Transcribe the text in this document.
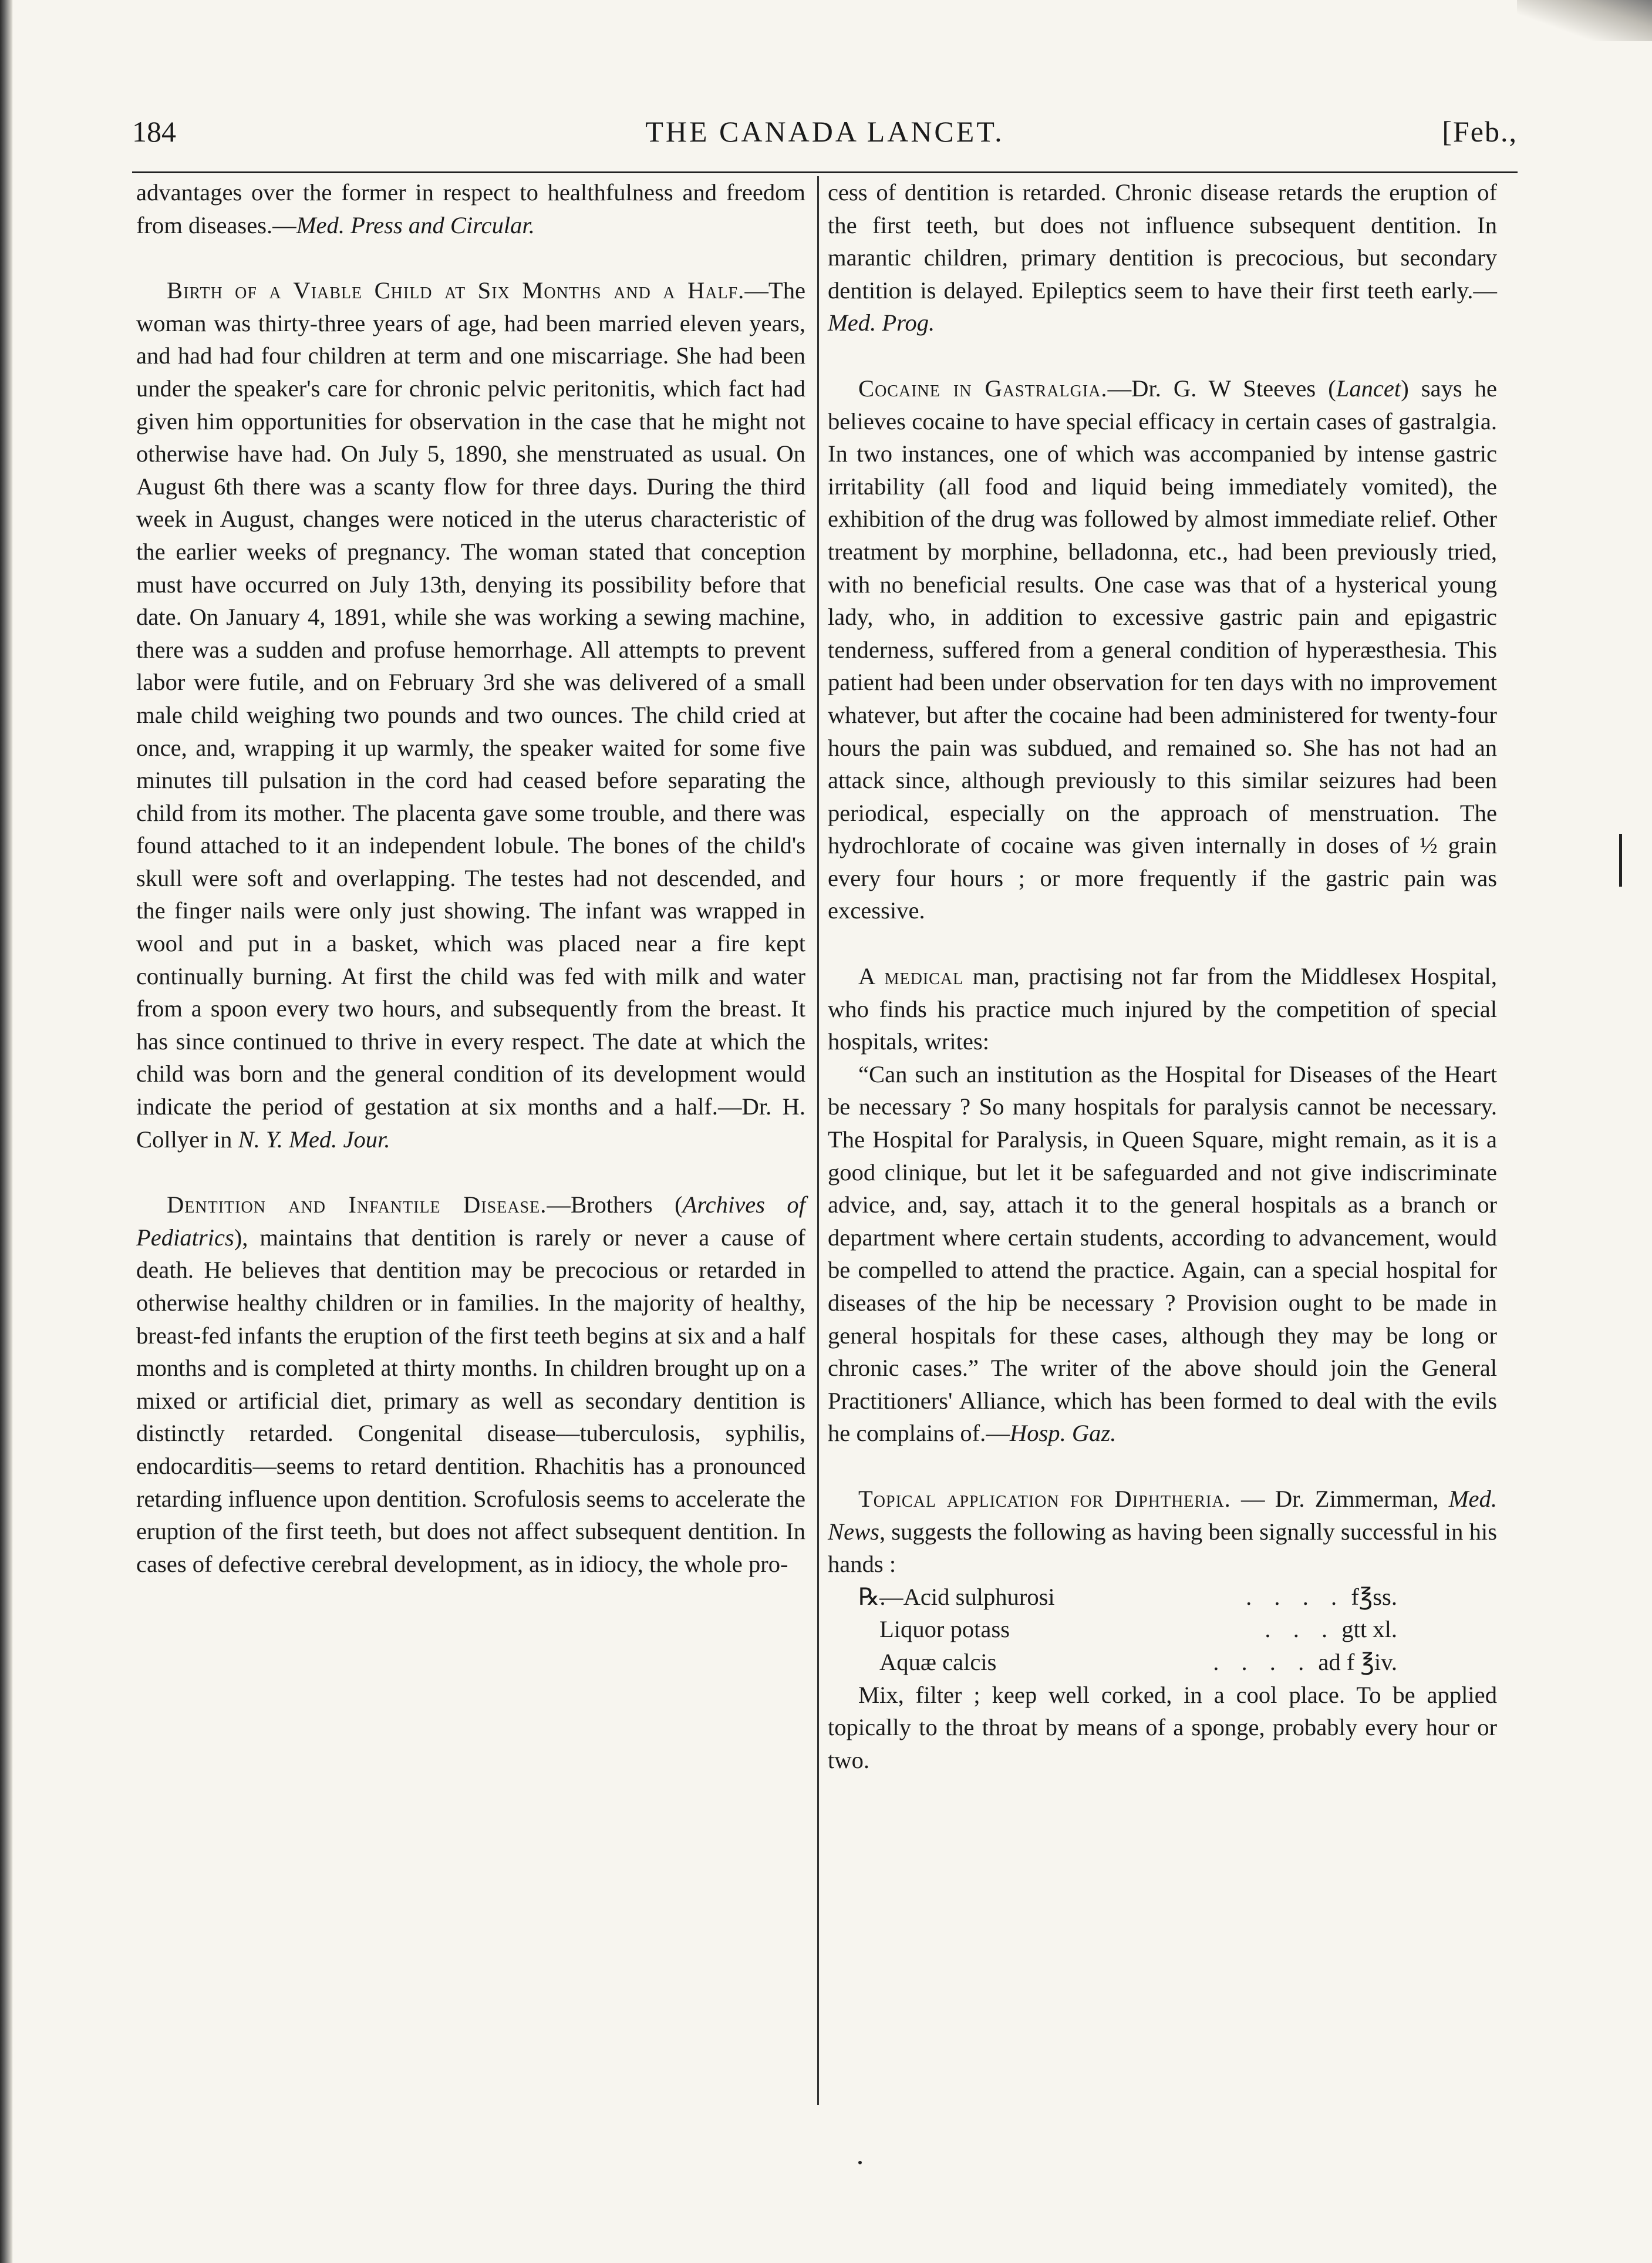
184	THE CANADA LANCET.	[Feb.,

advantages over the former in respect to healthfulness and freedom from diseases.—Med. Press and Circular.

Birth of a Viable Child at Six Months and a Half.—The woman was thirty-three years of age, had been married eleven years, and had had four children at term and one miscarriage. She had been under the speaker's care for chronic pelvic peritonitis, which fact had given him opportunities for observation in the case that he might not otherwise have had. On July 5, 1890, she menstruated as usual. On August 6th there was a scanty flow for three days. During the third week in August, changes were noticed in the uterus characteristic of the earlier weeks of pregnancy. The woman stated that conception must have occurred on July 13th, denying its possibility before that date. On January 4, 1891, while she was working a sewing machine, there was a sudden and profuse hemorrhage. All attempts to prevent labor were futile, and on February 3rd she was delivered of a small male child weighing two pounds and two ounces. The child cried at once, and, wrapping it up warmly, the speaker waited for some five minutes till pulsation in the cord had ceased before separating the child from its mother. The placenta gave some trouble, and there was found attached to it an independent lobule. The bones of the child's skull were soft and overlapping. The testes had not descended, and the finger nails were only just showing. The infant was wrapped in wool and put in a basket, which was placed near a fire kept continually burning. At first the child was fed with milk and water from a spoon every two hours, and subsequently from the breast. It has since continued to thrive in every respect. The date at which the child was born and the general condition of its development would indicate the period of gestation at six months and a half.—Dr. H. Collyer in N. Y. Med. Jour.

Dentition and Infantile Disease.—Brothers (Archives of Pediatrics), maintains that dentition is rarely or never a cause of death. He believes that dentition may be precocious or retarded in otherwise healthy children or in families. In the majority of healthy, breast-fed infants the eruption of the first teeth begins at six and a half months and is completed at thirty months. In children brought up on a mixed or artificial diet, primary as well as secondary dentition is distinctly retarded. Congenital disease—tuberculosis, syphilis, endocarditis—seems to retard dentition. Rhachitis has a pronounced retarding influence upon dentition. Scrofulosis seems to accelerate the eruption of the first teeth, but does not affect subsequent dentition. In cases of defective cerebral development, as in idiocy, the whole pro-

cess of dentition is retarded. Chronic disease retards the eruption of the first teeth, but does not influence subsequent dentition. In marantic children, primary dentition is precocious, but secondary dentition is delayed. Epileptics seem to have their first teeth early.—Med. Prog.

Cocaine in Gastralgia.—Dr. G. W Steeves (Lancet) says he believes cocaine to have special efficacy in certain cases of gastralgia. In two instances, one of which was accompanied by intense gastric irritability (all food and liquid being immediately vomited), the exhibition of the drug was followed by almost immediate relief. Other treatment by morphine, belladonna, etc., had been previously tried, with no beneficial results. One case was that of a hysterical young lady, who, in addition to excessive gastric pain and epigastric tenderness, suffered from a general condition of hyperæsthesia. This patient had been under observation for ten days with no improvement whatever, but after the cocaine had been administered for twenty-four hours the pain was subdued, and remained so. She has not had an attack since, although previously to this similar seizures had been periodical, especially on the approach of menstruation. The hydrochlorate of cocaine was given internally in doses of ½ grain every four hours ; or more frequently if the gastric pain was excessive.

A medical man, practising not far from the Middlesex Hospital, who finds his practice much injured by the competition of special hospitals, writes:

“Can such an institution as the Hospital for Diseases of the Heart be necessary ? So many hospitals for paralysis cannot be necessary. The Hospital for Paralysis, in Queen Square, might remain, as it is a good clinique, but let it be safeguarded and not give indiscriminate advice, and, say, attach it to the general hospitals as a branch or department where certain students, according to advancement, would be compelled to attend the practice. Again, can a special hospital for diseases of the hip be necessary ? Provision ought to be made in general hospitals for these cases, although they may be long or chronic cases.” The writer of the above should join the General Practitioners' Alliance, which has been formed to deal with the evils he complains of.—Hosp. Gaz.

Topical application for Diphtheria. — Dr. Zimmerman, Med. News, suggests the following as having been signally successful in his hands :

℞.
—Acid sulphurosi	. . . . f℥ss.
Liquor potass	. . . gtt xl.
Aquæ calcis	. . . . ad f ℥iv.

Mix, filter ; keep well corked, in a cool place. To be applied topically to the throat by means of a sponge, probably every hour or two.
